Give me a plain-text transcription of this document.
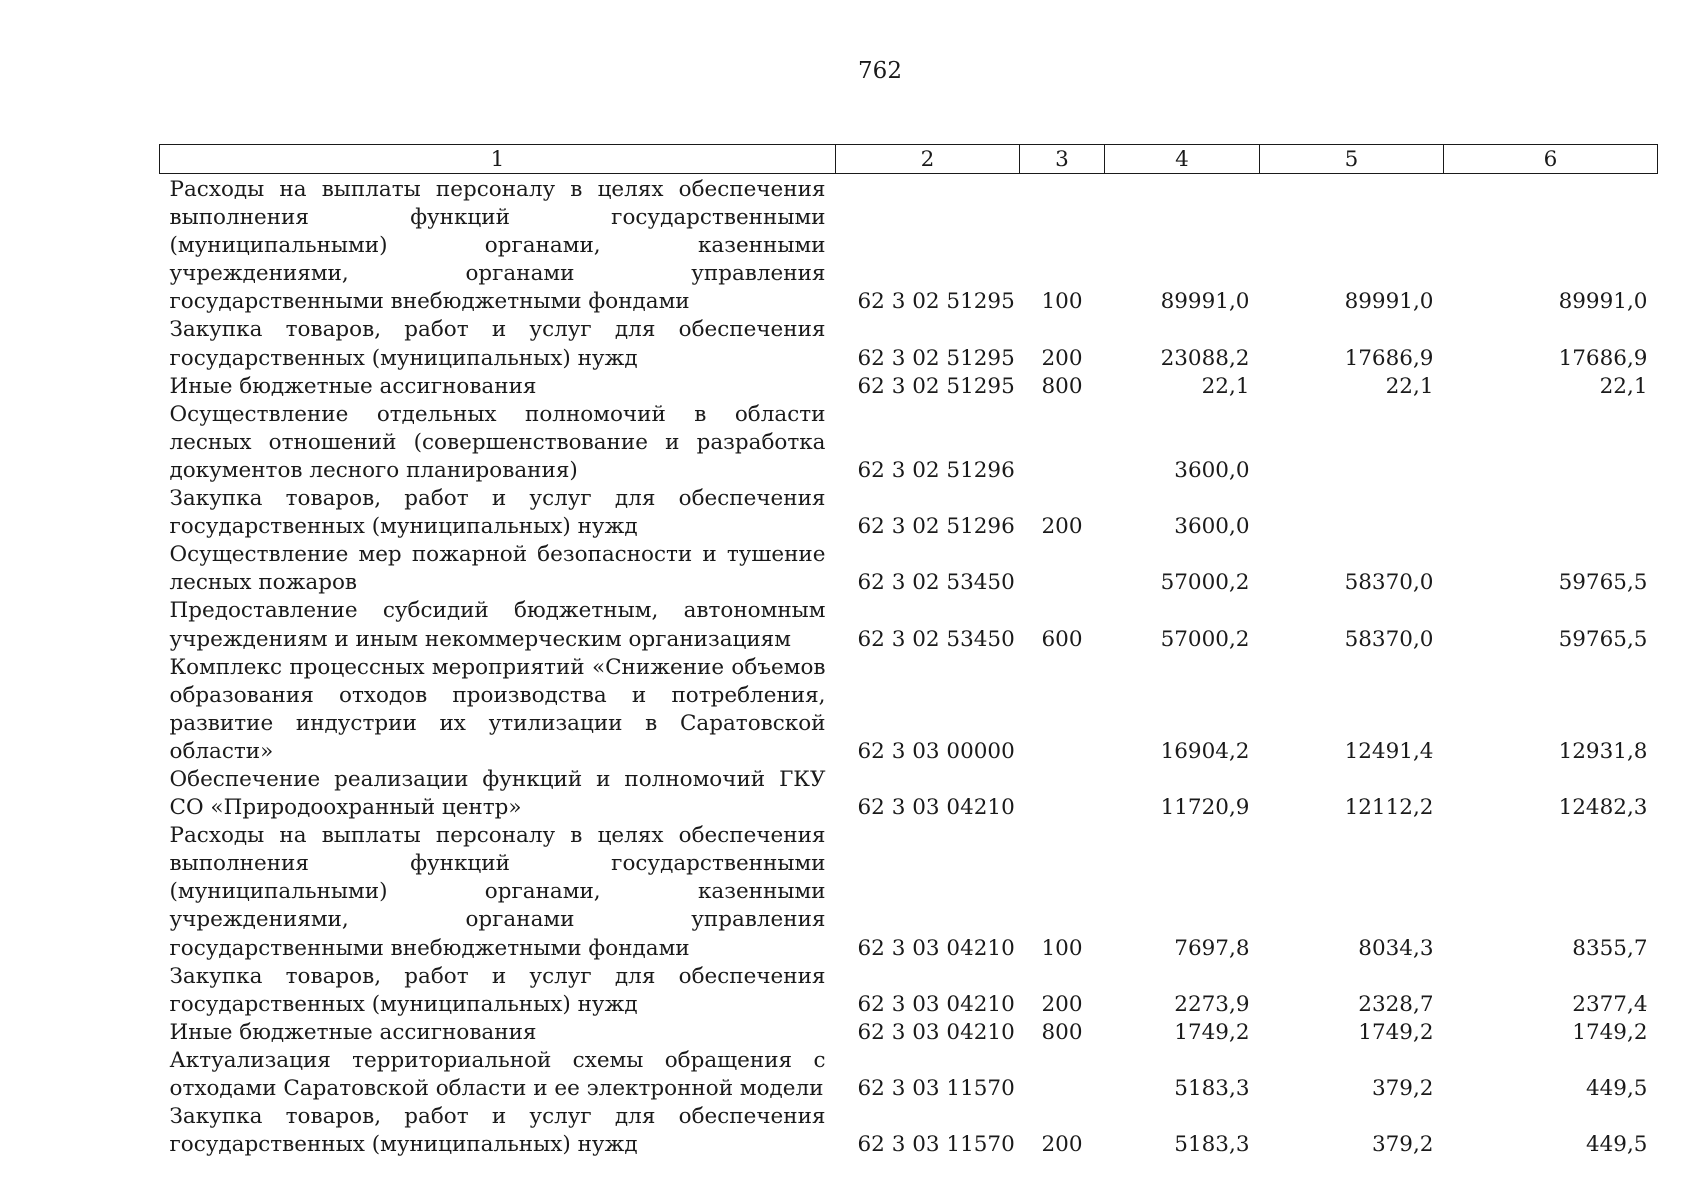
762
1	2	3	4	5	6
Расходы на выплаты персоналу в целях обеспечения выполнения функций государственными (муниципальными) органами, казенными учреждениями, органами управления государственными внебюджетными фондами	62 3 02 51295	100	89991,0	89991,0	89991,0
Закупка товаров, работ и услуг для обеспечения государственных (муниципальных) нужд	62 3 02 51295	200	23088,2	17686,9	17686,9
Иные бюджетные ассигнования	62 3 02 51295	800	22,1	22,1	22,1
Осуществление отдельных полномочий в области лесных отношений (совершенствование и разработка документов лесного планирования)	62 3 02 51296		3600,0		
Закупка товаров, работ и услуг для обеспечения государственных (муниципальных) нужд	62 3 02 51296	200	3600,0		
Осуществление мер пожарной безопасности и тушение лесных пожаров	62 3 02 53450		57000,2	58370,0	59765,5
Предоставление субсидий бюджетным, автономным учреждениям и иным некоммерческим организациям	62 3 02 53450	600	57000,2	58370,0	59765,5
Комплекс процессных мероприятий «Снижение объемов образования отходов производства и потребления, развитие индустрии их утилизации в Саратовской области»	62 3 03 00000		16904,2	12491,4	12931,8
Обеспечение реализации функций и полномочий ГКУ СО «Природоохранный центр»	62 3 03 04210		11720,9	12112,2	12482,3
Расходы на выплаты персоналу в целях обеспечения выполнения функций государственными (муниципальными) органами, казенными учреждениями, органами управления государственными внебюджетными фондами	62 3 03 04210	100	7697,8	8034,3	8355,7
Закупка товаров, работ и услуг для обеспечения государственных (муниципальных) нужд	62 3 03 04210	200	2273,9	2328,7	2377,4
Иные бюджетные ассигнования	62 3 03 04210	800	1749,2	1749,2	1749,2
Актуализация территориальной схемы обращения с отходами Саратовской области и ее электронной модели	62 3 03 11570		5183,3	379,2	449,5
Закупка товаров, работ и услуг для обеспечения государственных (муниципальных) нужд	62 3 03 11570	200	5183,3	379,2	449,5
